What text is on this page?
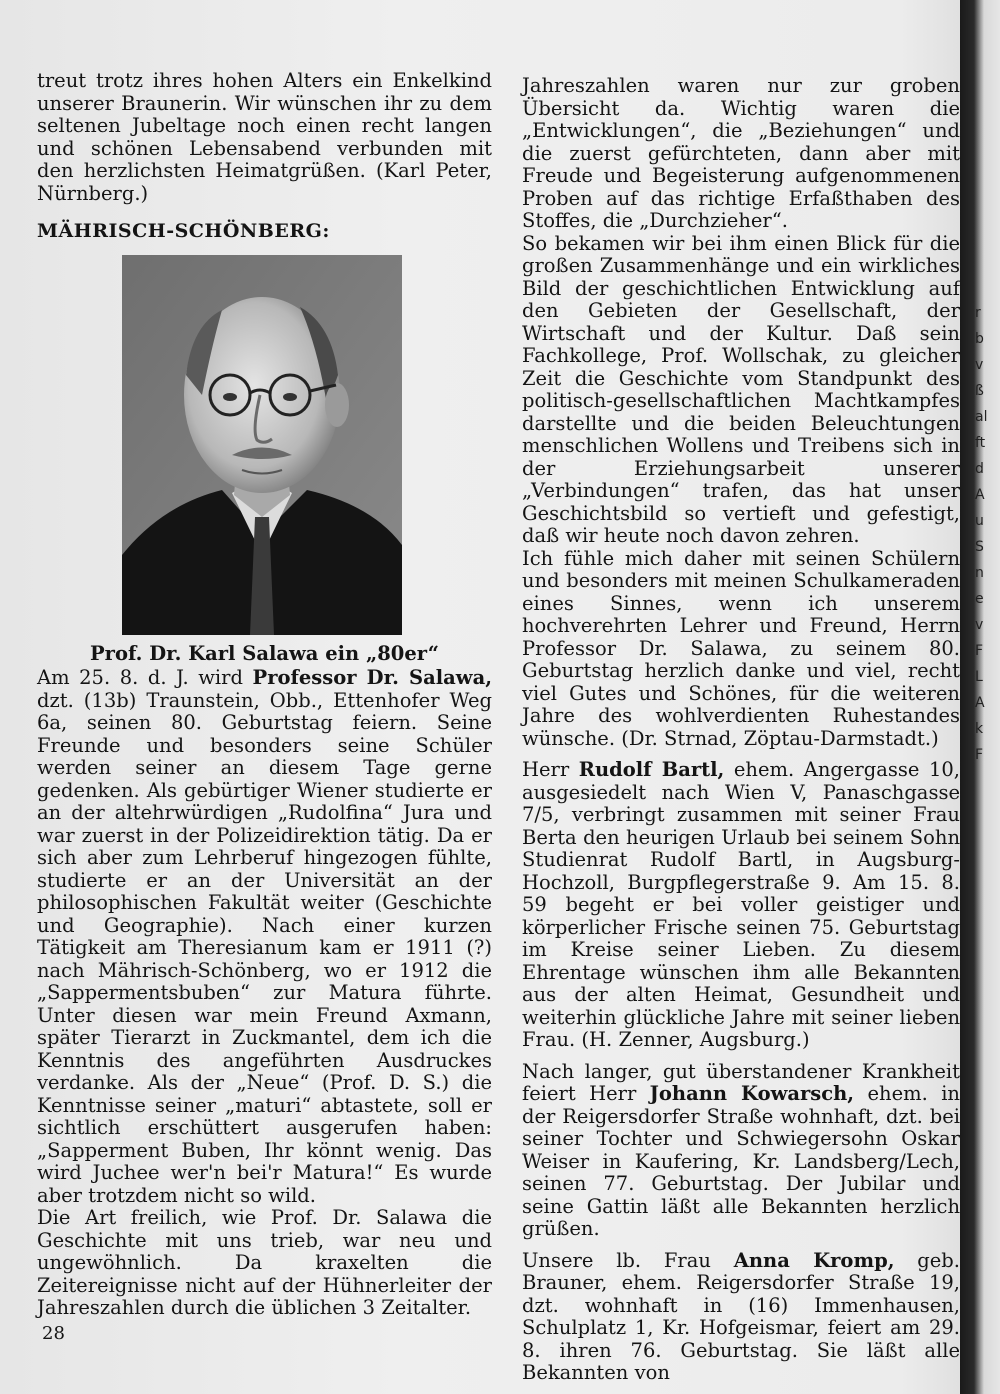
treut trotz ihres hohen Alters ein Enkelkind unserer Braunerin. Wir wünschen ihr zu dem seltenen Jubeltage noch einen recht langen und schönen Lebensabend verbunden mit den herzlichsten Heimatgrüßen. (Karl Peter, Nürnberg.)

MÄHRISCH-SCHÖNBERG:
Prof. Dr. Karl Salawa ein „80er“

Am 25. 8. d. J. wird Professor Dr. Salawa, dzt. (13b) Traunstein, Obb., Ettenhofer Weg 6a, seinen 80. Geburtstag feiern. Seine Freunde und besonders seine Schüler werden seiner an diesem Tage gerne gedenken. Als gebürtiger Wiener studierte er an der altehrwürdigen „Rudolfina“ Jura und war zuerst in der Polizeidirektion tätig. Da er sich aber zum Lehrberuf hingezogen fühlte, studierte er an der Universität an der philosophischen Fakultät weiter (Geschichte und Geographie). Nach einer kurzen Tätigkeit am Theresianum kam er 1911 (?) nach Mährisch-Schönberg, wo er 1912 die „Sappermentsbuben“ zur Matura führte. Unter diesen war mein Freund Axmann, später Tierarzt in Zuckmantel, dem ich die Kenntnis des angeführten Ausdruckes verdanke. Als der „Neue“ (Prof. D. S.) die Kenntnisse seiner „maturi“ abtastete, soll er sichtlich erschüttert ausgerufen haben: „Sapperment Buben, Ihr könnt wenig. Das wird Juchee wer'n bei'r Matura!“ Es wurde aber trotzdem nicht so wild.

Die Art freilich, wie Prof. Dr. Salawa die Geschichte mit uns trieb, war neu und ungewöhnlich. Da kraxelten die Zeitereignisse nicht auf der Hühnerleiter der Jahreszahlen durch die üblichen 3 Zeitalter.

Jahreszahlen waren nur zur groben Übersicht da. Wichtig waren die „Entwicklungen“, die „Beziehungen“ und die zuerst gefürchteten, dann aber mit Freude und Begeisterung aufgenommenen Proben auf das richtige Erfaßthaben des Stoffes, die „Durchzieher“.

So bekamen wir bei ihm einen Blick für die großen Zusammenhänge und ein wirkliches Bild der geschichtlichen Entwicklung auf den Gebieten der Gesellschaft, der Wirtschaft und der Kultur. Daß sein Fachkollege, Prof. Wollschak, zu gleicher Zeit die Geschichte vom Standpunkt des politisch-gesellschaftlichen Machtkampfes darstellte und die beiden Beleuchtungen menschlichen Wollens und Treibens sich in der Erziehungsarbeit unserer „Verbindungen“ trafen, das hat unser Geschichtsbild so vertieft und gefestigt, daß wir heute noch davon zehren.

Ich fühle mich daher mit seinen Schülern und besonders mit meinen Schulkameraden eines Sinnes, wenn ich unserem hochverehrten Lehrer und Freund, Herrn Professor Dr. Salawa, zu seinem 80. Geburtstag herzlich danke und viel, recht viel Gutes und Schönes, für die weiteren Jahre des wohlverdienten Ruhestandes wünsche. (Dr. Strnad, Zöptau-Darmstadt.)

Herr Rudolf Bartl, ehem. Angergasse 10, ausgesiedelt nach Wien V, Panaschgasse 7/5, verbringt zusammen mit seiner Frau Berta den heurigen Urlaub bei seinem Sohn Studienrat Rudolf Bartl, in Augsburg-Hochzoll, Burgpflegerstraße 9. Am 15. 8. 59 begeht er bei voller geistiger und körperlicher Frische seinen 75. Geburtstag im Kreise seiner Lieben. Zu diesem Ehrentage wünschen ihm alle Bekannten aus der alten Heimat, Gesundheit und weiterhin glückliche Jahre mit seiner lieben Frau. (H. Zenner, Augsburg.)

Nach langer, gut überstandener Krankheit feiert Herr Johann Kowarsch, ehem. in der Reigersdorfer Straße wohnhaft, dzt. bei seiner Tochter und Schwiegersohn Oskar Weiser in Kaufering, Kr. Landsberg/Lech, seinen 77. Geburtstag. Der Jubilar und seine Gattin läßt alle Bekannten herzlich grüßen.

Unsere lb. Frau Anna Kromp, geb. Brauner, ehem. Reigersdorfer Straße 19, dzt. wohnhaft in (16) Immenhausen, Schulplatz 1, Kr. Hofgeismar, feiert am 29. 8. ihren 76. Geburtstag. Sie läßt alle Bekannten von

28
r
b
v
ß
al
ft
d
A
u
S
n
e
v
F
L
A
k
F
